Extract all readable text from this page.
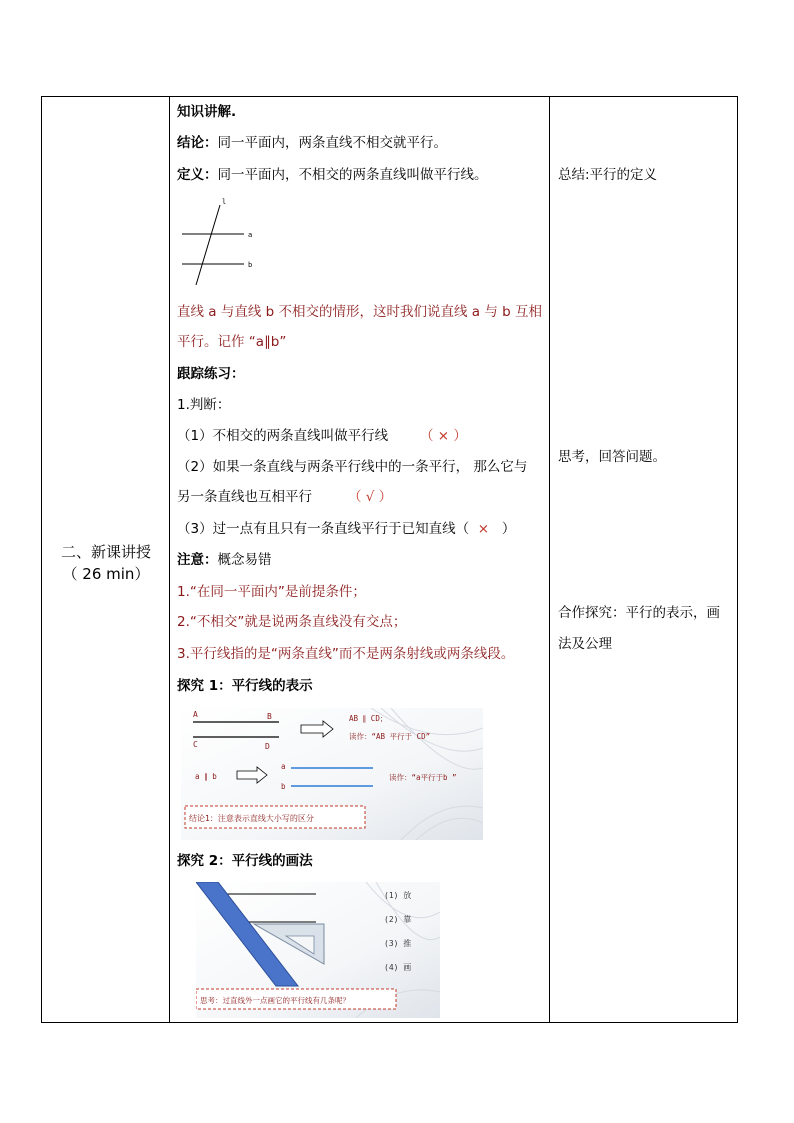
二、新课讲授
（ 26 min）
知识讲解.
结论：同一平面内，两条直线不相交就平行。
定义：同一平面内，不相交的两条直线叫做平行线。
l
a
b
直线 a 与直线 b 不相交的情形，这时我们说直线 a 与 b 互相
平行。记作 “a∥b”
跟踪练习：
1.判断：
（1）不相交的两条直线叫做平行线 （ × ）
（2）如果一条直线与两条平行线中的一条平行， 那么它与
另一条直线也互相平行	（ √ ）
（3）过一点有且只有一条直线平行于已知直线（ × ）
注意：概念易错
1.“在同一平面内”是前提条件；
2.“不相交”就是说两条直线没有交点；
3.平行线指的是“两条直线”而不是两条射线或两条线段。
探究 1：平行线的表示
A	B
C	D
AB ∥ CD；
读作：“AB 平行于 CD”
a ∥ b
a
b
读作：“a平行于b ”
结论1：注意表示直线大小写的区分
探究 2：平行线的画法
(1) 放
(2) 靠
(3) 推
(4) 画
思考：过直线外一点画它的平行线有几条呢？
总结:平行的定义
思考，回答问题。
合作探究：平行的表示，画
法及公理
